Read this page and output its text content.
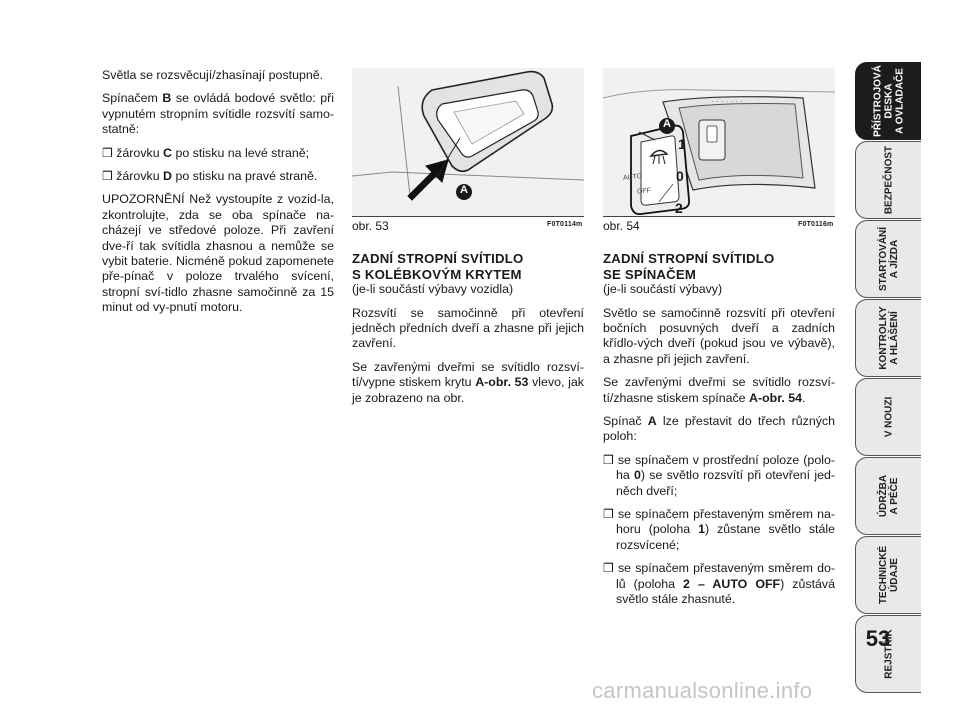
Světla se rozsvěcují/zhasínají postupně.

Spínačem B se ovládá bodové světlo: při vypnutém stropním svítidle rozsvítí samo-statně:

❒ žárovku C po stisku na levé straně;

❒ žárovku D po stisku na pravé straně.

UPOZORNĚNÍ Než vystoupíte z vozid-la, zkontrolujte, zda se oba spínače na-cházejí ve středové poloze. Při zavření dve-ří tak svítidla zhasnou a nemůže se vybit baterie. Nicméně pokud zapomenete pře-pínač v poloze trvalého svícení, stropní sví-tidlo zhasne samočinně za 15 minut od vy-pnutí motoru.

A
obr. 53	F0T0114m
· · · · · · ·
A
1
0
2
AUTO
OFF
obr. 54	F0T0116m
ZADNÍ STROPNÍ SVÍTIDLO
S KOLÉBKOVÝM KRYTEM

(je-li součástí výbavy vozidla)

Rozsvítí se samočinně při otevření jedněch předních dveří a zhasne při jejich zavření.

Se zavřenými dveřmi se svítidlo rozsví-tí/vypne stiskem krytu A-obr. 53 vlevo, jak je zobrazeno na obr.

ZADNÍ STROPNÍ SVÍTIDLO
SE SPÍNAČEM

(je-li součástí výbavy)

Světlo se samočinně rozsvítí při otevření bočních posuvných dveří a zadních křídlo-vých dveří (pokud jsou ve výbavě), a zhasne při jejich zavření.

Se zavřenými dveřmi se svítidlo rozsví-tí/zhasne stiskem spínače A-obr. 54.

Spínač A lze přestavit do třech různých poloh:

❒ se spínačem v prostřední poloze (polo-ha 0) se světlo rozsvítí při otevření jed-něch dveří;

❒ se spínačem přestaveným směrem na-horu (poloha 1) zůstane světlo stále rozsvícené;

❒ se spínačem přestaveným směrem do-lů (poloha 2 – AUTO OFF) zůstává světlo stále zhasnuté.

PŘÍSTROJOVÁ
DESKA
A OVLADAČE
BEZPEČNOST
STARTOVÁNÍ
A JÍZDA
KONTROLKY
A HLÁŠENÍ
V NOUZI
ÚDRŽBA
A PÉČE
TECHNICKÉ
ÚDAJE
REJSTŘÍK
53
carmanualsonline.info
